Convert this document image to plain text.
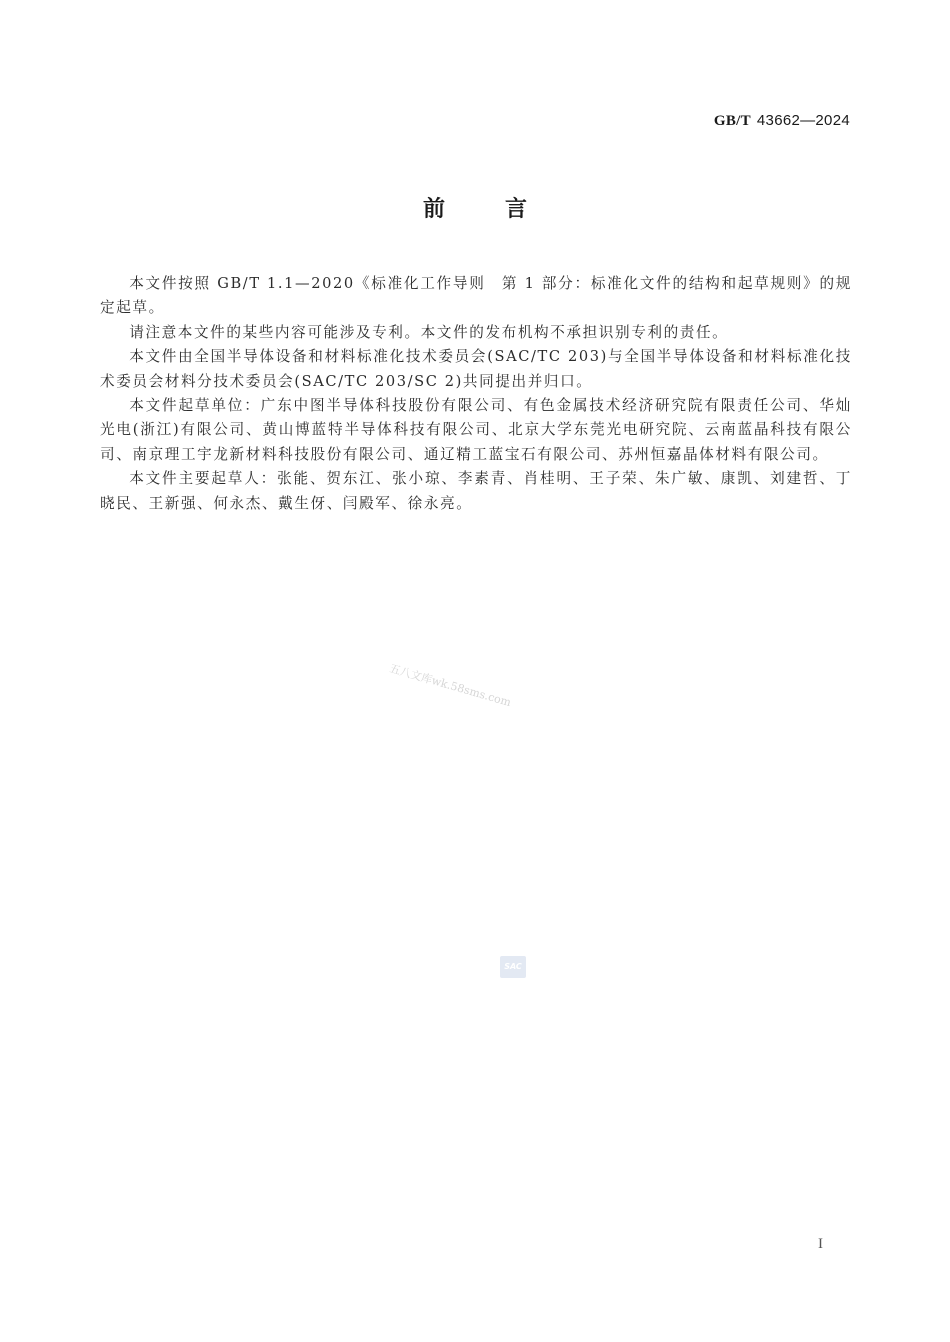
GB/T 43662—2024
前	言

本文件按照 GB/T 1.1—2020《标准化工作导则　第 1 部分：标准化文件的结构和起草规则》的规定起草。

请注意本文件的某些内容可能涉及专利。本文件的发布机构不承担识别专利的责任。

本文件由全国半导体设备和材料标准化技术委员会(SAC/TC 203)与全国半导体设备和材料标准化技术委员会材料分技术委员会(SAC/TC 203/SC 2)共同提出并归口。

本文件起草单位：广东中图半导体科技股份有限公司、有色金属技术经济研究院有限责任公司、华灿光电(浙江)有限公司、黄山博蓝特半导体科技有限公司、北京大学东莞光电研究院、云南蓝晶科技有限公司、南京理工宇龙新材料科技股份有限公司、通辽精工蓝宝石有限公司、苏州恒嘉晶体材料有限公司。

本文件主要起草人：张能、贺东江、张小琼、李素青、肖桂明、王子荣、朱广敏、康凯、刘建哲、丁晓民、王新强、何永杰、戴生伢、闫殿军、徐永亮。

五八文库wk.58sms.com
SAC
I
